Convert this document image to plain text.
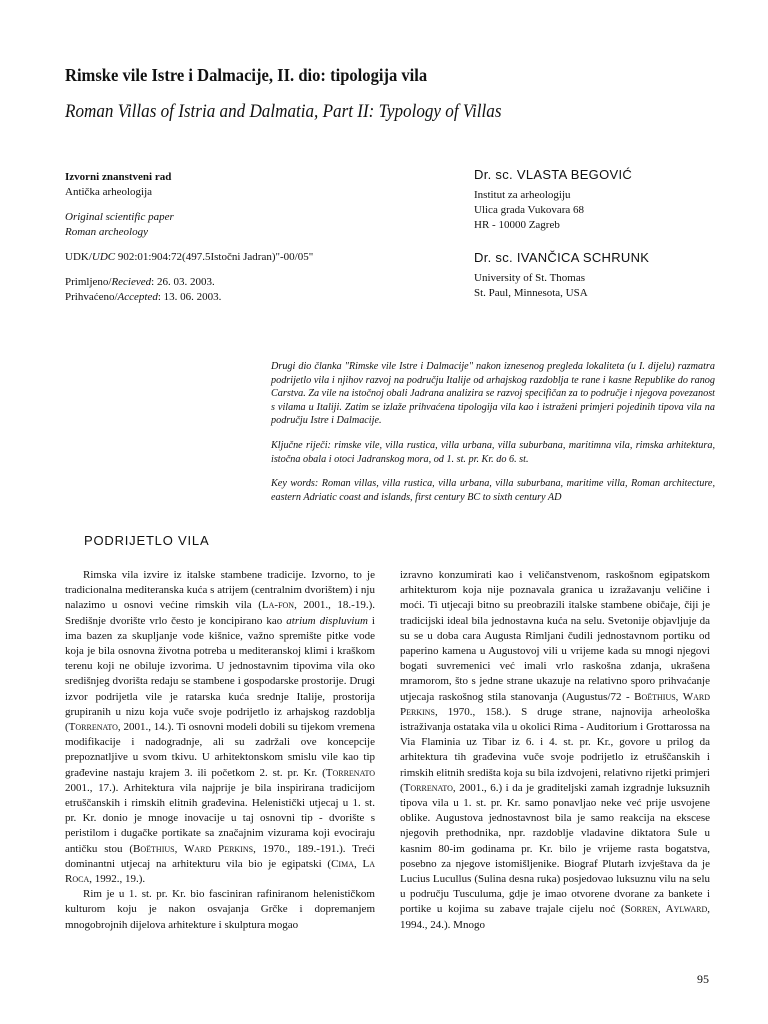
Rimske vile Istre i Dalmacije, II. dio: tipologija vila
Roman Villas of Istria and Dalmatia, Part II: Typology of Villas
Izvorni znanstveni rad
Antička arheologija
Original scientific paper
Roman archeology
UDK/UDC 902:01:904:72(497.5Istočni Jadran)"-00/05"
Primljeno/Recieved: 26. 03. 2003.
Prihvaćeno/Accepted: 13. 06. 2003.
Dr. sc. VLASTA BEGOVIĆ
Institut za arheologiju
Ulica grada Vukovara 68
HR - 10000 Zagreb
Dr. sc. IVANČICA SCHRUNK
University of St. Thomas
St. Paul, Minnesota, USA

Drugi dio članka "Rimske vile Istre i Dalmacije" nakon iznesenog pregleda lokaliteta (u I. dijelu) razmatra podrijetlo vila i njihov razvoj na području Italije od arhajskog razdoblja te rane i kasne Republike do ranog Carstva. Za vile na istočnoj obali Jadrana analizira se razvoj specifičan za to područje i njegova povezanost s vilama u Italiji. Zatim se izlaže prihvaćena tipologija vila kao i istraženi primjeri pojedinih tipova vila na području Istre i Dalmacije.

Ključne riječi: rimske vile, villa rustica, villa urbana, villa suburbana, maritimna vila, rimska arhitektura, istočna obala i otoci Jadranskog mora, od 1. st. pr. Kr. do 6. st.

Key words: Roman villas, villa rustica, villa urbana, villa suburbana, maritime villa, Roman architecture, eastern Adriatic coast and islands, first century BC to sixth century AD

PODRIJETLO VILA

Rimska vila izvire iz italske stambene tradicije. Izvorno, to je tradicionalna mediteranska kuća s atrijem (centralnim dvorištem) i nju nalazimo u osnovi većine rimskih vila (La-fon, 2001., 18.-19.). Središnje dvorište vrlo često je koncipirano kao atrium displuvium i ima bazen za skupljanje vode kišnice, važno spremište pitke vode koja je bila osnovna životna potreba u mediteranskoj klimi i kraškom terenu koji ne obiluje izvorima. U jednostavnim tipovima vila oko središnjeg dvorišta redaju se stambene i gospodarske prostorije. Drugi izvor podrijetla vile je ratarska kuća srednje Italije, prostorija grupiranih u nizu koja vuče svoje podrijetlo iz arhajskog razdoblja (Torrenato, 2001., 14.). Ti osnovni modeli dobili su tijekom vremena modifikacije i nadogradnje, ali su zadržali ove koncepcije prepoznatljive u svom tkivu. U arhitektonskom smislu vile kao tip građevine nastaju krajem 3. ili početkom 2. st. pr. Kr. (Torrenato 2001., 17.). Arhitektura vila najprije je bila inspirirana tradicijom etruščanskih i rimskih elitnih građevina. Helenistički utjecaj u 1. st. pr. Kr. donio je mnoge inovacije u taj osnovni tip - dvorište s peristilom i dugačke portikate sa značajnim vizurama koji evociraju antičku stou (Boëthius, Ward Perkins, 1970., 189.-191.). Treći dominantni utjecaj na arhitekturu vila bio je egipatski (Cima, La Roca, 1992., 19.).

Rim je u 1. st. pr. Kr. bio fasciniran rafiniranom helenističkom kulturom koju je nakon osvajanja Grčke i dopremanjem mnogobrojnih dijelova arhitekture i skulptura mogao

izravno konzumirati kao i veličanstvenom, raskošnom egipatskom arhitekturom koja nije poznavala granica u izražavanju veličine i moći. Ti utjecaji bitno su preobrazili italske stambene običaje, čiji je tradicijski ideal bila jednostavna kuća na selu. Svetonije objavljuje da su se u doba cara Augusta Rimljani čudili jednostavnom portiku od paperino kamena u Augustovoj vili u vrijeme kada su mnogi njegovi bogati suvremenici već imali vrlo raskošna zdanja, ukrašena mramorom, što s jedne strane ukazuje na relativno sporo prihvaćanje utjecaja raskošnog stila stanovanja (Augustus/72 - Boëthius, Ward Perkins, 1970., 158.). S druge strane, najnovija arheološka istraživanja ostataka vila u okolici Rima - Auditorium i Grottarossa na Via Flaminia uz Tibar iz 6. i 4. st. pr. Kr., govore u prilog da arhitektura tih građevina vuče svoje podrijetlo iz etruščanskih i rimskih elitnih središta koja su bila izdvojeni, relativno rijetki primjeri (Torrenato, 2001., 6.) i da je graditeljski zamah izgradnje luksuznih tipova vila u 1. st. pr. Kr. samo ponavljao neke već prije usvojene oblike. Augustova jednostavnost bila je samo reakcija na ekscese njegovih prethodnika, npr. razdoblje vladavine diktatora Sule u kasnim 80-im godinama pr. Kr. bilo je vrijeme rasta bogatstva, posebno za njegove istomišljenike. Biograf Plutarh izvještava da je Lucius Lucullus (Sulina desna ruka) posjedovao luksuznu vilu na selu u području Tusculuma, gdje je imao otvorene dvorane za bankete i portike u kojima su zabave trajale cijelu noć (Sorren, Aylward, 1994., 24.). Mnogo

95
